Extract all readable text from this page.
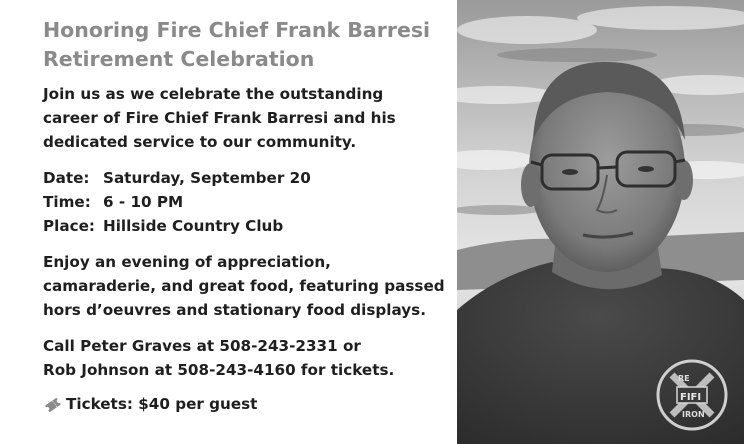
Honoring Fire Chief Frank Barresi
Retirement Celebration
Join us as we celebrate the outstanding
career of Fire Chief Frank Barresi and his
dedicated service to our community.
Date: Saturday, September 20
Time: 6 - 10 PM
Place: Hillside Country Club
Enjoy an evening of appreciation,
camaraderie, and great food, featuring passed
hors d’oeuvres and stationary food displays.
Call Peter Graves at 508-243-2331 or
Rob Johnson at 508-243-4160 for tickets.
Tickets: $40 per guest
RE
FIFI
IRON
